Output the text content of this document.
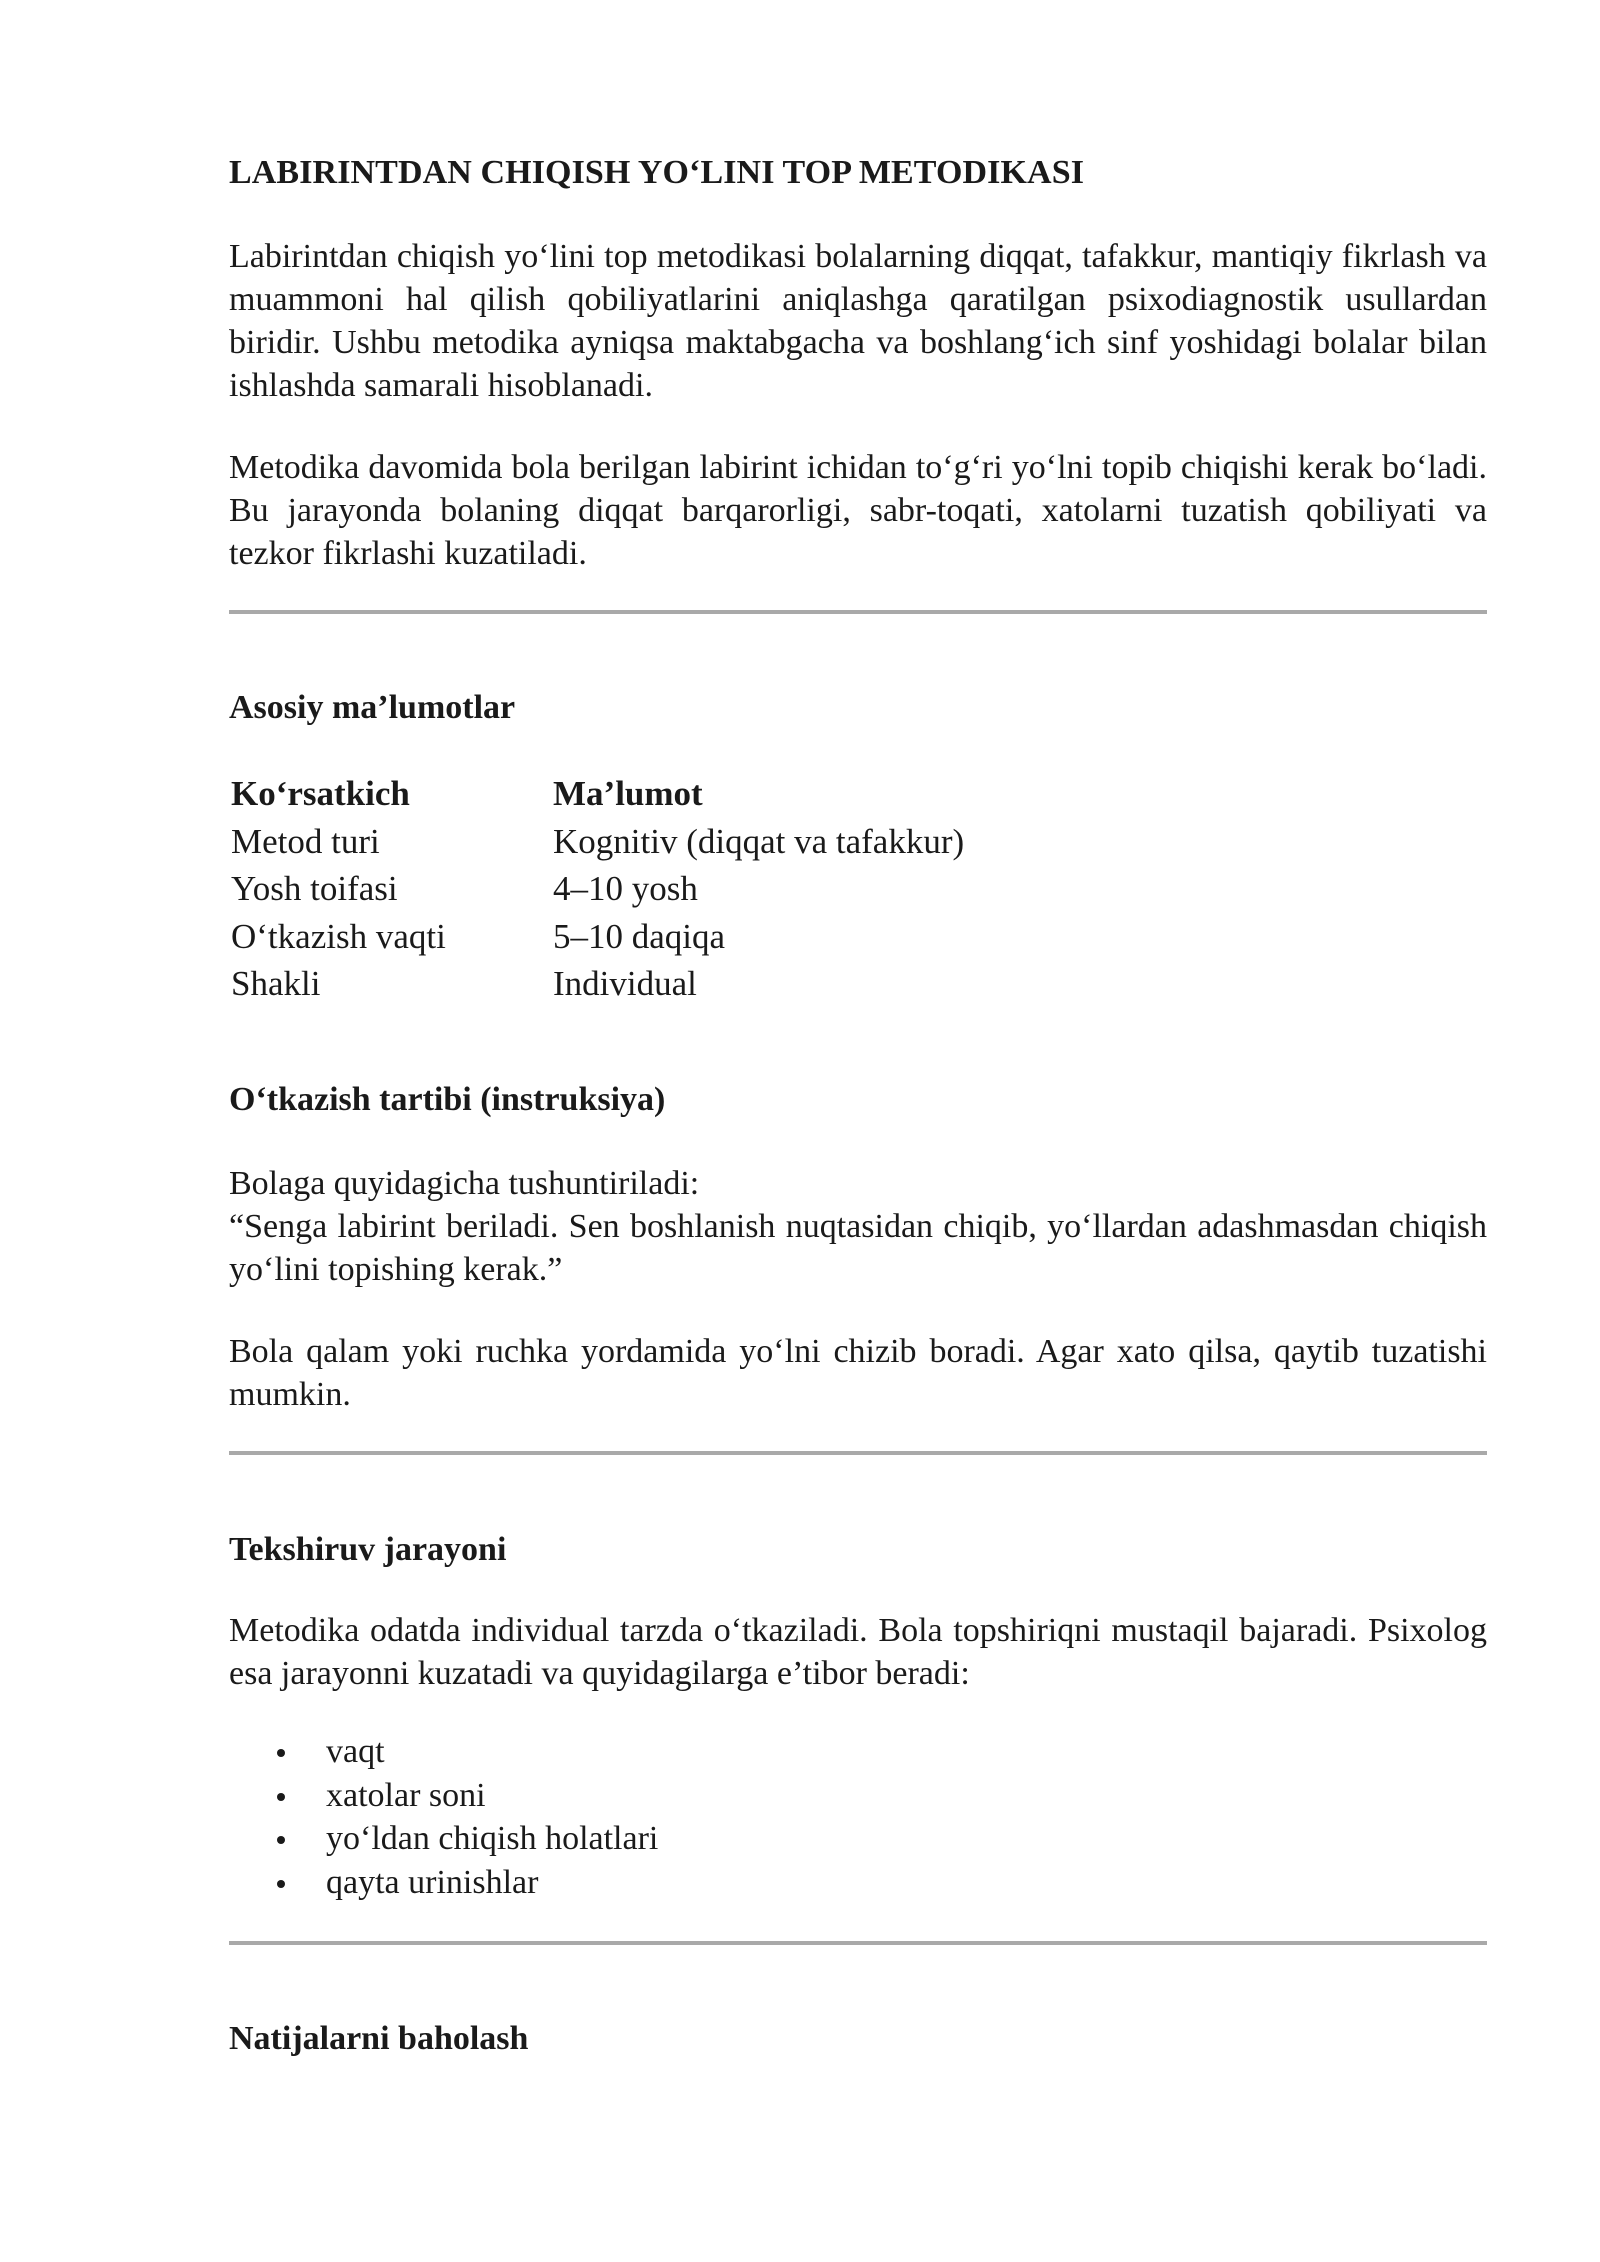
LABIRINTDAN CHIQISH YO‘LINI TOP METODIKASI

Labirintdan chiqish yo‘lini top metodikasi bolalarning diqqat, tafakkur, mantiqiy fikrlash va muammoni hal qilish qobiliyatlarini aniqlashga qaratilgan psixodiagnostik usullardan biridir. Ushbu metodika ayniqsa maktabgacha va boshlang‘ich sinf yoshidagi bolalar bilan ishlashda samarali hisoblanadi.

Metodika davomida bola berilgan labirint ichidan to‘g‘ri yo‘lni topib chiqishi kerak bo‘ladi. Bu jarayonda bolaning diqqat barqarorligi, sabr-toqati, xatolarni tuzatish qobiliyati va tezkor fikrlashi kuzatiladi.

Asosiy ma’lumotlar
Ko‘rsatkich	Ma’lumot
Metod turi	Kognitiv (diqqat va tafakkur)
Yosh toifasi	4–10 yosh
O‘tkazish vaqti	5–10 daqiqa
Shakli	Individual
O‘tkazish tartibi (instruksiya)

Bolaga quyidagicha tushuntiriladi:

“Senga labirint beriladi. Sen boshlanish nuqtasidan chiqib, yo‘llardan adashmasdan chiqish yo‘lini topishing kerak.”

Bola qalam yoki ruchka yordamida yo‘lni chizib boradi. Agar xato qilsa, qaytib tuzatishi mumkin.

Tekshiruv jarayoni

Metodika odatda individual tarzda o‘tkaziladi. Bola topshiriqni mustaqil bajaradi. Psixolog esa jarayonni kuzatadi va quyidagilarga e’tibor beradi:

vaqt
xatolar soni
yo‘ldan chiqish holatlari
qayta urinishlar
Natijalarni baholash
